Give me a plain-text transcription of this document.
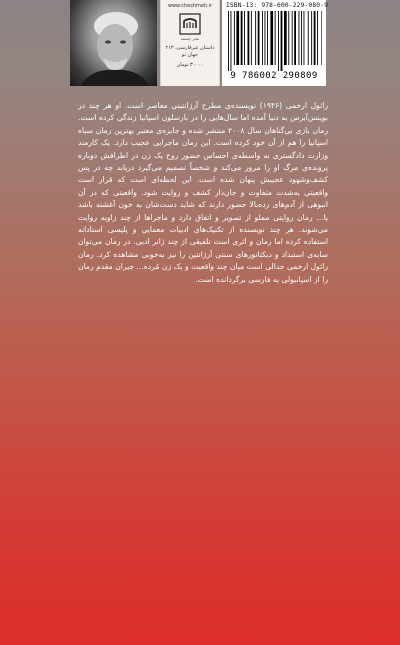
www.cheshmeh.ir
نشر چشمه
داستان غیرفارسی، ۲۱۳
جهان نو
۳۰۰۰۰ تومان
ISBN-13: 978-600-229-080-9
9 786002 290809

رائول ارخمی (۱۹۴۶) نویسنده‌ی مطرح آرژانتینی معاصر است. او هر چند در بوینس‌آیرس به دنیا آمده اما سال‌هایی را در بارسلون اسپانیا زندگی کرده است. رمان بازی بی‌گناهان سال ۲۰۰۸ منتشر شده و جایزه‌ی معتبر بهترین رمان سیاه اسپانیا را هم از آن خود کرده است. این رمان ماجرایی عجیب دارد. یک کارمند وزارت دادگستری به واسطه‌ی احساس حضور روح یک زن در اطرافش دوباره پرونده‌ی مرگ او را مرور می‌کند و شخصاً تصمیم می‌گیرد دریابد چه در پس کشف‌وشهود عجیبش پنهان شده است. این لحظه‌ای است که قرار است واقعیتی به‌شدت متفاوت و جان‌دار کشف و روایت شود. واقعیتی که در آن انبوهی از آدم‌های رده‌بالا حضور دارند که شاید دست‌شان به خون آغشته باشد یا... رمان روایتی مملو از تصویر و اتفاق دارد و ماجراها از چند زاویه روایت می‌شوند. هر چند نویسنده از تکنیک‌های ادبیات معمایی و پلیسی استادانه استفاده کرده اما رمان و اثری است تلفیقی از چند ژانر ادبی. در رمان می‌توان سایه‌ی استبداد و دیکتاتورهای سنتی آرژانتین را نیز به‌خوبی مشاهده کرد. رمان رائول ارخمی جدالی است میان چند واقعیت و یک زن مُرده... جیران مقدم رمان را از اسپانیولی به فارسی برگردانده است.
